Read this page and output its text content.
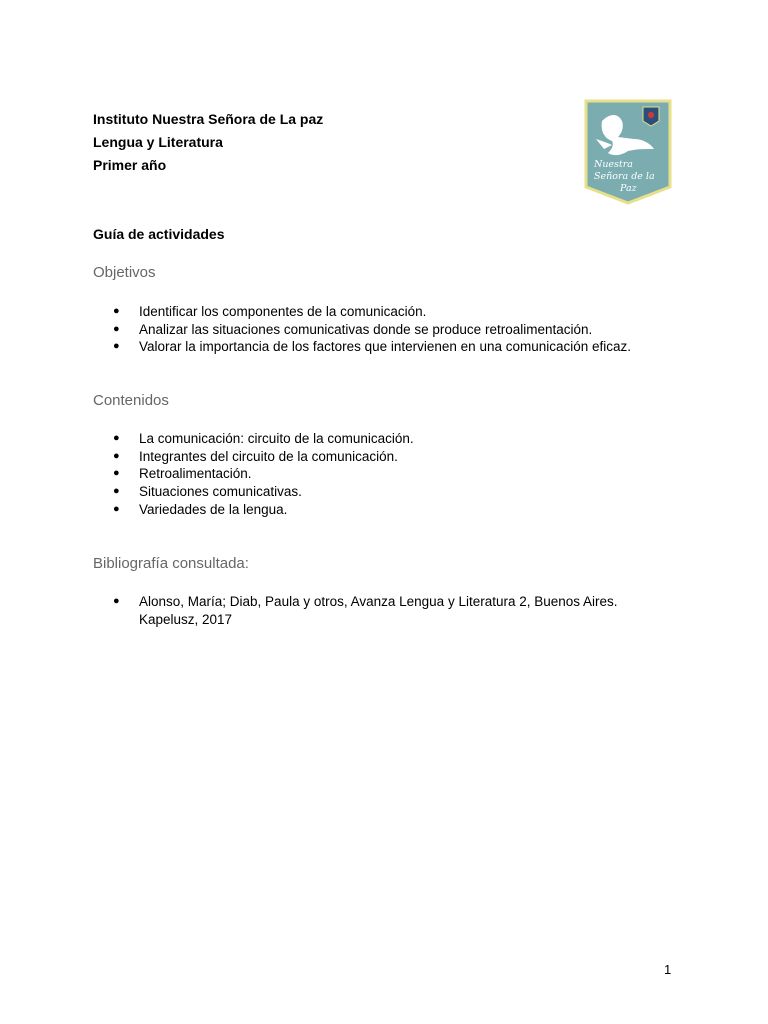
Instituto Nuestra Señora de La paz
Lengua y Literatura
Primer año	Nuestra
Señora de la
Paz
Guía de actividades
Objetivos
● Identificar los componentes de la comunicación.
● Analizar las situaciones comunicativas donde se produce retroalimentación.
● Valorar la importancia de los factores que intervienen en una comunicación eficaz.
Contenidos
● La comunicación: circuito de la comunicación.
● Integrantes del circuito de la comunicación.
● Retroalimentación.
● Situaciones comunicativas.
● Variedades de la lengua.
Bibliografía consultada:
● Alonso, María; Diab, Paula y otros, Avanza Lengua y Literatura 2, Buenos Aires. Kapelusz, 2017
1
